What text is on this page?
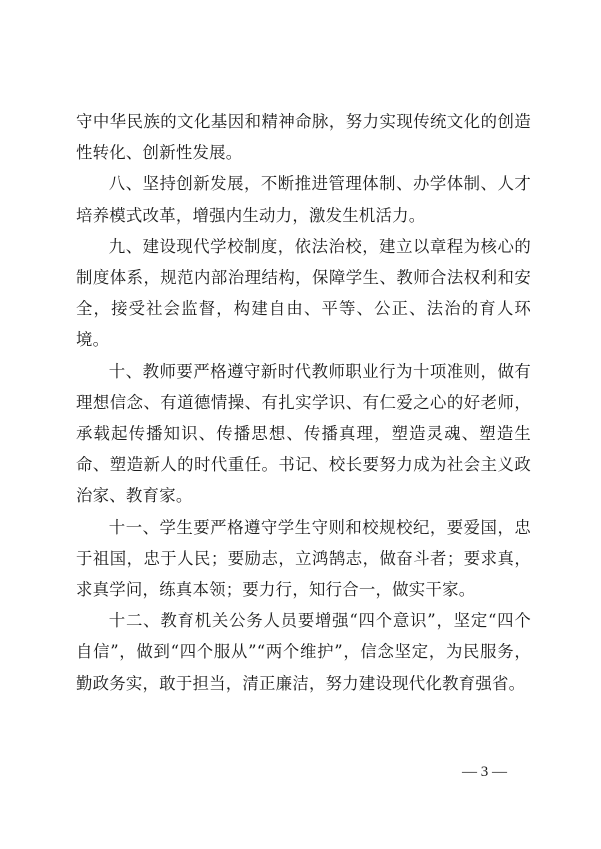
守中华民族的文化基因和精神命脉，努力实现传统文化的创造性转化、创新性发展。

八、坚持创新发展，不断推进管理体制、办学体制、人才培养模式改革，增强内生动力，激发生机活力。

九、建设现代学校制度，依法治校，建立以章程为核心的制度体系，规范内部治理结构，保障学生、教师合法权利和安全，接受社会监督，构建自由、平等、公正、法治的育人环境。

十、教师要严格遵守新时代教师职业行为十项准则，做有理想信念、有道德情操、有扎实学识、有仁爱之心的好老师，承载起传播知识、传播思想、传播真理，塑造灵魂、塑造生命、塑造新人的时代重任。书记、校长要努力成为社会主义政治家、教育家。

十一、学生要严格遵守学生守则和校规校纪，要爱国，忠于祖国，忠于人民；要励志，立鸿鹄志，做奋斗者；要求真，求真学问，练真本领；要力行，知行合一，做实干家。

十二、教育机关公务人员要增强“四个意识”，坚定“四个自信”，做到“四个服从”“两个维护”，信念坚定，为民服务，勤政务实，敢于担当，清正廉洁，努力建设现代化教育强省。

— 3 —
